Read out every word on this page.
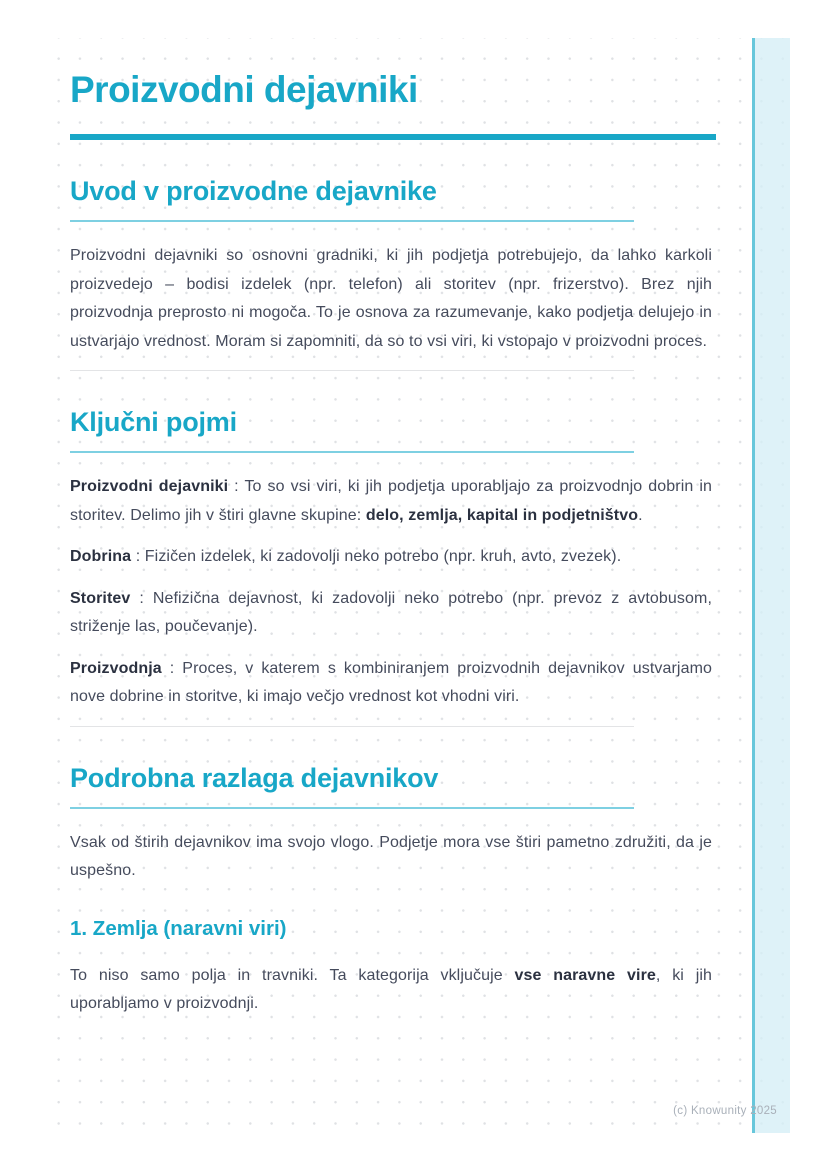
Proizvodni dejavniki
Uvod v proizvodne dejavnike

Proizvodni dejavniki so osnovni gradniki, ki jih podjetja potrebujejo, da lahko karkoli proizvedejo – bodisi izdelek (npr. telefon) ali storitev (npr. frizerstvo). Brez njih proizvodnja preprosto ni mogoča. To je osnova za razumevanje, kako podjetja delujejo in ustvarjajo vrednost. Moram si zapomniti, da so to vsi viri, ki vstopajo v proizvodni proces.

Ključni pojmi

Proizvodni dejavniki : To so vsi viri, ki jih podjetja uporabljajo za proizvodnjo dobrin in storitev. Delimo jih v štiri glavne skupine: delo, zemlja, kapital in podjetništvo.

Dobrina : Fizičen izdelek, ki zadovolji neko potrebo (npr. kruh, avto, zvezek).

Storitev : Nefizična dejavnost, ki zadovolji neko potrebo (npr. prevoz z avtobusom, striženje las, poučevanje).

Proizvodnja : Proces, v katerem s kombiniranjem proizvodnih dejavnikov ustvarjamo nove dobrine in storitve, ki imajo večjo vrednost kot vhodni viri.

Podrobna razlaga dejavnikov

Vsak od štirih dejavnikov ima svojo vlogo. Podjetje mora vse štiri pametno združiti, da je uspešno.

1. Zemlja (naravni viri)

To niso samo polja in travniki. Ta kategorija vključuje vse naravne vire, ki jih uporabljamo v proizvodnji.

(c) Knowunity 2025
